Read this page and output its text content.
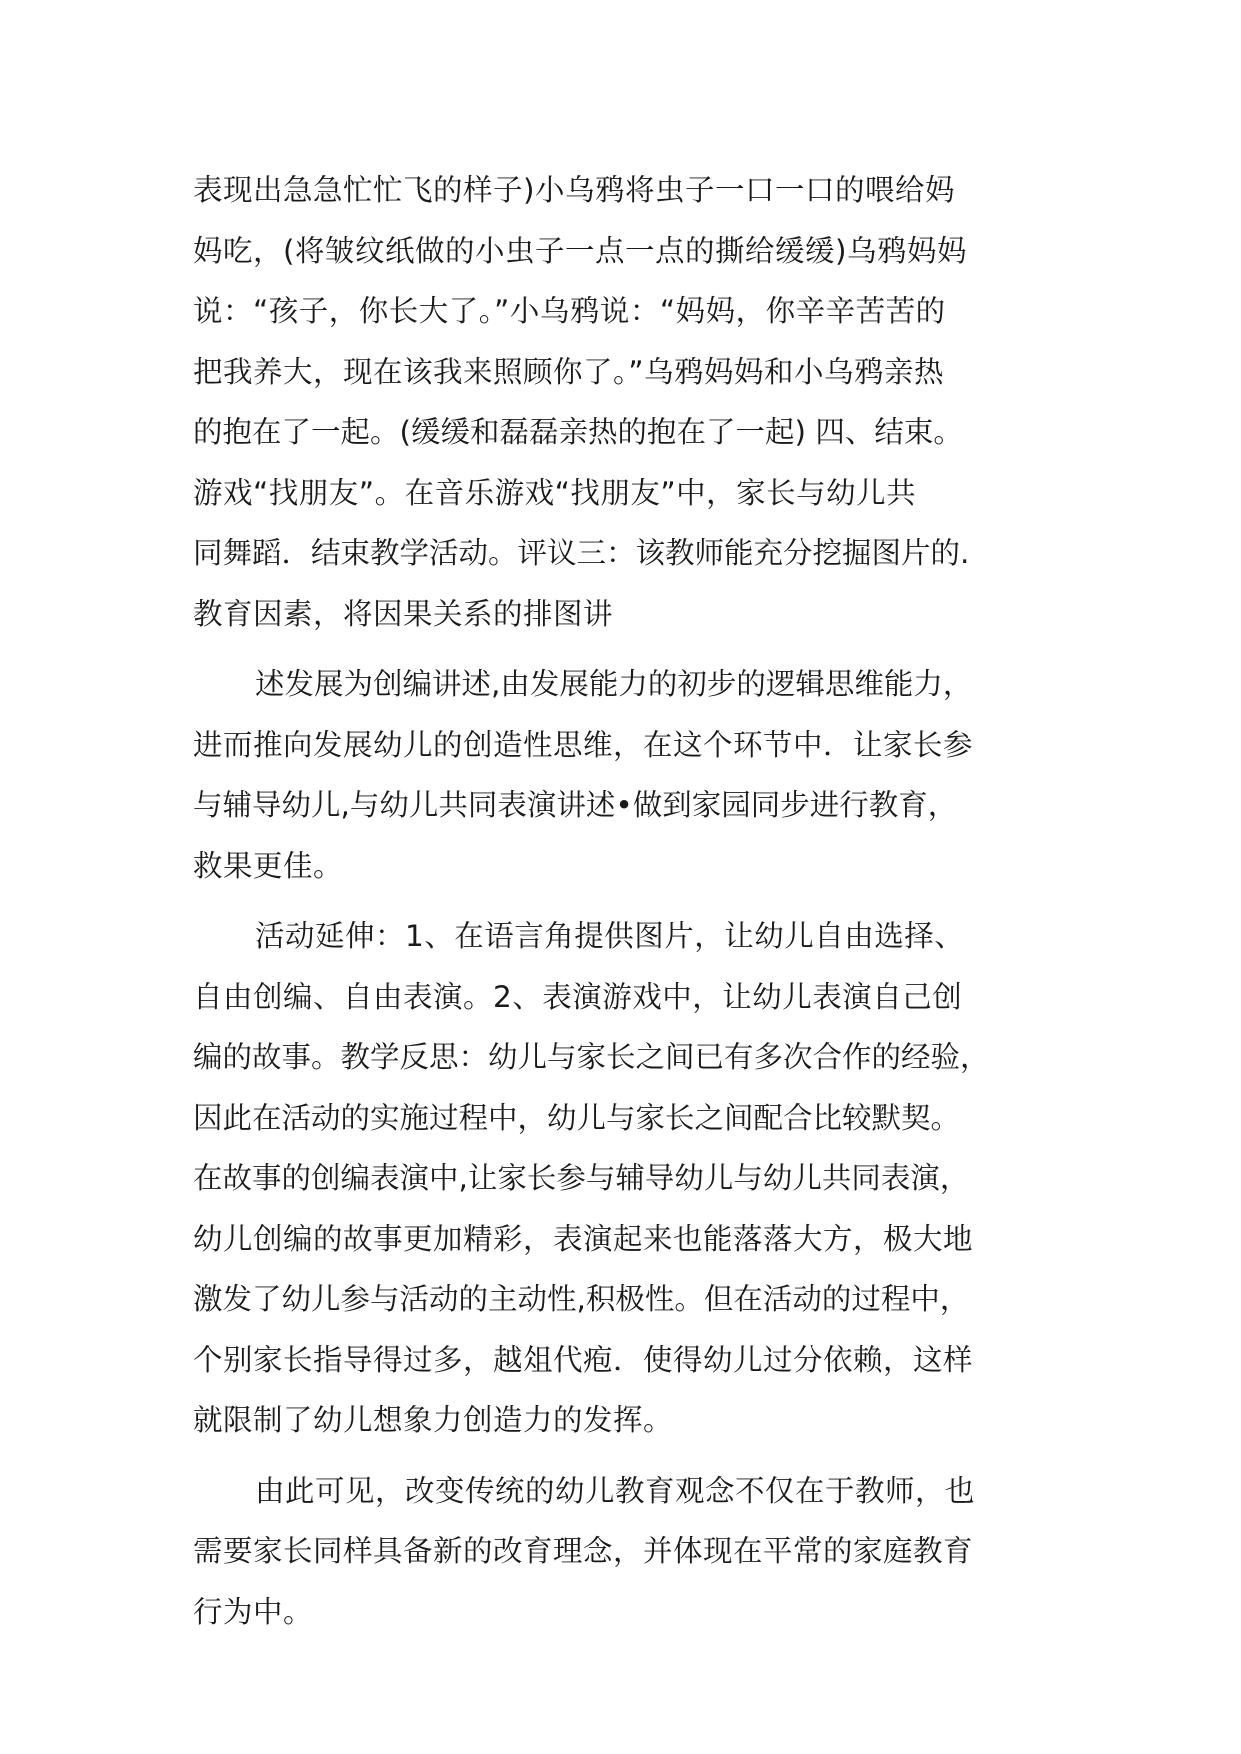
表现出急急忙忙飞的样子)小乌鸦将虫子一口一口的喂给妈
妈吃，(将皱纹纸做的小虫子一点一点的撕给缓缓)乌鸦妈妈
说：“孩子，你长大了。”小乌鸦说：“妈妈，你辛辛苦苦的
把我养大，现在该我来照顾你了。”乌鸦妈妈和小乌鸦亲热
的抱在了一起。(缓缓和磊磊亲热的抱在了一起) 四、结束。
游戏“找朋友”。在音乐游戏“找朋友”中，家长与幼儿共
同舞蹈．结束教学活动。评议三：该教师能充分挖掘图片的.
教育因素，将因果关系的排图讲
述发展为创编讲述,由发展能力的初步的逻辑思维能力，
进而推向发展幼儿的创造性思维，在这个环节中．让家长参
与辅导幼儿,与幼儿共同表演讲述•做到家园同步进行教育，
救果更佳。
活动延伸：1、在语言角提供图片，让幼儿自由选择、
自由创编、自由表演。2、表演游戏中，让幼儿表演自己创
编的故事。教学反思：幼儿与家长之间已有多次合作的经验，
因此在活动的实施过程中，幼儿与家长之间配合比较默契。
在故事的创编表演中,让家长参与辅导幼儿与幼儿共同表演，
幼儿创编的故事更加精彩，表演起来也能落落大方，极大地
激发了幼儿参与活动的主动性,积极性。但在活动的过程中，
个别家长指导得过多，越俎代疱．使得幼儿过分依赖，这样
就限制了幼儿想象力创造力的发挥。
由此可见，改变传统的幼儿教育观念不仅在于教师，也
需要家长同样具备新的改育理念，并体现在平常的家庭教育
行为中。
